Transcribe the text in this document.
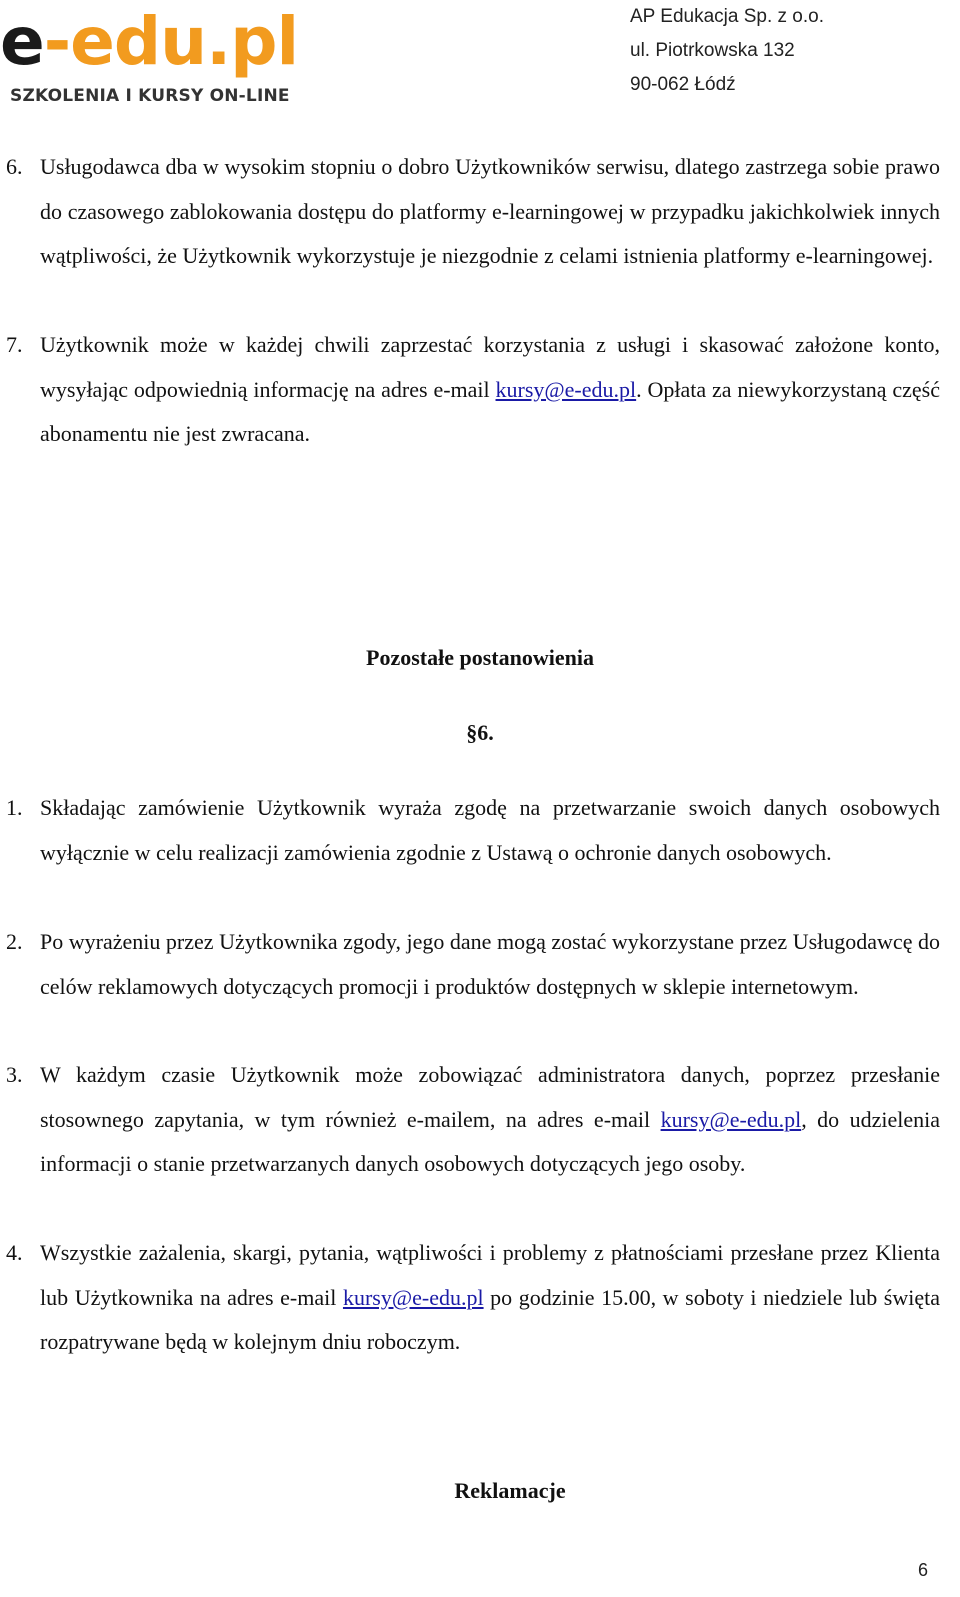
e-edu.pl
SZKOLENIA I KURSY ON-LINE
AP Edukacja Sp. z o.o.
ul. Piotrkowska 132
90-062 Łódź
6. Usługodawca dba w wysokim stopniu o dobro Użytkowników serwisu, dlatego zastrzega sobie prawo do czasowego zablokowania dostępu do platformy e-learningowej w przypadku jakichkolwiek innych wątpliwości, że Użytkownik wykorzystuje je niezgodnie z celami istnienia platformy e-learningowej.
7. Użytkownik może w każdej chwili zaprzestać korzystania z usługi i skasować założone konto, wysyłając odpowiednią informację na adres e-mail kursy@e-edu.pl. Opłata za niewykorzystaną część abonamentu nie jest zwracana.
Pozostałe postanowienia
§6.
1. Składając zamówienie Użytkownik wyraża zgodę na przetwarzanie swoich danych osobowych wyłącznie w celu realizacji zamówienia zgodnie z Ustawą o ochronie danych osobowych.
2. Po wyrażeniu przez Użytkownika zgody, jego dane mogą zostać wykorzystane przez Usługodawcę do celów reklamowych dotyczących promocji i produktów dostępnych w sklepie internetowym.
3. W każdym czasie Użytkownik może zobowiązać administratora danych, poprzez przesłanie stosownego zapytania, w tym również e-mailem, na adres e-mail kursy@e-edu.pl, do udzielenia informacji o stanie przetwarzanych danych osobowych dotyczących jego osoby.
4. Wszystkie zażalenia, skargi, pytania, wątpliwości i problemy z płatnościami przesłane przez Klienta lub Użytkownika na adres e-mail kursy@e-edu.pl po godzinie 15.00, w soboty i niedziele lub święta rozpatrywane będą w kolejnym dniu roboczym.
Reklamacje
6
